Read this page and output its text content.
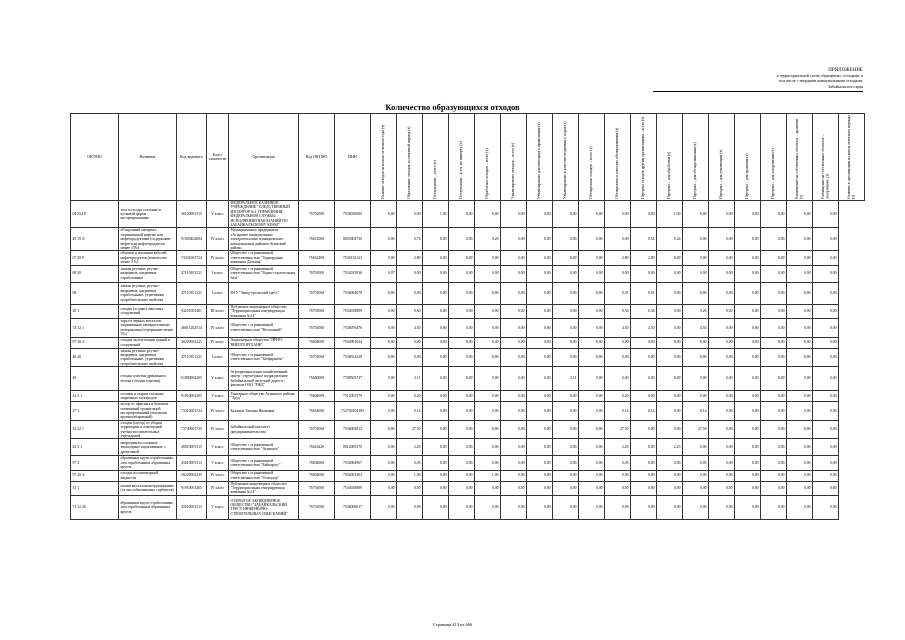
ПРИЛОЖЕНИЕ
к территориальной схеме обращения с отходами, в
том числе с твердыми коммунальными отходами,
Забайкальского края
Количество образующихся отходов
ОКТМО	Название	Код видового	Класс опасности	Организация	Код ОКТМО	ИНН	Наличие отходов на начало отчетного года (т)	Образование отходов за отчетный период (т)	Поступление – всего (т)	Поступление – в т.ч. по импорту (т)	Обработано отходов – всего (т)	Утилизировано отходов – всего (т)	Утилизировано для повторного применения (т)	Утилизировано в качестве вторичного сырья (т)	Обезврежено отходов – всего (т)	Обезврежено в качестве обезвреживания (т)	Передача отходов другим организациям – всего (т)	Передача – для обработки (т)	Передача – для обезвреживания (т)	Передача – для утилизации (т)	Передача – для хранения (т)	Передача – для захоронения (т)	Размещение на собственных объектах – хранение (т)	Размещение на собственных объектах – захоронение (т)	Наличие в организации на конец отчетного периода (т)

04 254 8	лом и отходы стальные в кусковой форме несортированные	46120001515	V класс	ФЕДЕРАЛЬНОЕ КАЗЕННОЕ УЧРЕЖДЕНИЕ "СЛЕДСТВЕННЫЙ ИЗОЛЯТОР №1 УПРАВЛЕНИЯ ФЕДЕРАЛЬНОЙ СЛУЖБЫ ИСПОЛНЕНИЯ НАКАЗАНИЙ ПО ЗАБАЙКАЛЬСКОМУ КРАЮ"	76701000	7536030080	0,00	0,00	1,00	0,00	0,00	0,00	0,00	0,00	0,00	0,00	0,00	1,00	0,00	0,00	0,00	0,00	0,00	0,00	
49 19 Л	обтирочный материал, загрязнённый нефтью или нефтепродуктами (содержание нефти или нефтепродуктов менее 15%)	91920402604	IV класс	Муниципальное предприятие «Агинские коммунальные электротепловые муниципально-коммунальных районов Агинский район»	76612000	8003004730	0,00	0,74	0,00	0,00	0,20	0,00	0,00	0,00	0,00	0,00	0,54	0,24	0,00	0,00	0,00	0,00	0,00	0,00	
07 29 8	обмотки и изоляция кабелей нефтепродуктов (количество менее 5 %)	73331001724	IV класс	Общество с ограниченной ответственностью "Горнорудная компания Дальняя"	76632400	7536132123	0,00	2,80	0,00	0,00	0,00	0,00	0,00	0,00	0,00	2,80	2,80	0,00	0,00	0,00	0,00	0,00	0,00	0,00	
08 20	лампы ртутные, ртутно-кварцевые, натриевые отработанные	47110101521	I класс	Общество с ограниченной ответственностью "Горно-строительная база"	76701000	7534015936	0,07	0,00	0,00	0,00	0,00	0,00	0,00	0,00	0,00	0,00	0,00	0,00	0,00	0,00	0,00	0,00	0,00	0,00	
08	лампы ртутные, ртутно-кварцевые, натриевые отработанные, утратившие потребительские свойства	47110101521	I класс	ФГУ "Завод-уральский трест"	76701000	7536004078	0,00	0,00	0,00	0,00	0,00	0,00	0,00	0,00	0,00	0,01	0,01	0,00	0,00	0,00	0,00	0,00	0,00	0,00	
20 1	отходы (осадки) очистных сооружений	94251001401	III класс	Публичное акционерное общество "Территориальная генерирующая компания №14"	76701000	7534018889	0,00	0,60	0,00	0,00	0,00	0,00	0,00	0,00	0,00	0,34	0,34	0,00	0,26	0,00	0,00	0,00	0,00	0,00	
74 12 1	тара из черных металлов, загрязненная лакокрасочными материалами (содержание менее 5%)	46811202514	IV класс	Общество с ограниченной ответственностью "Восточный"	76701000	7536076476	0,00	4,50	0,00	0,00	0,00	0,00	0,00	0,00	0,00	4,50	4,50	0,00	4,50	0,00	0,00	0,00	0,00	0,00	
97 20 4	отходы эксплуатации зданий и сооружений	30229002225	IV класс	Акционерное общество "ПРИО-ВНЕШТОРГБАНК"	76604000	7504001044	0,00	0,40	0,00	0,00	0,40	0,00	0,00	0,00	0,00	0,00	0,00	0,00	0,00	0,00	0,00	0,00	0,00	0,00	
46 20	лампы ртутные, ртутно-кварцевые, натриевые отработанные, утратившие потребительские свойства	47110101521	I класс	Общество с ограниченной ответственностью "Забфармаби"	76701000	7538014228	0,00	0,00	0,00	0,00	0,00	0,00	0,00	0,00	0,00	0,00	0,00	0,00	0,00	0,00	0,00	0,00	0,00	0,00	
49	отходы очистки дренажного потока (отходы очистки)	61890002205	V класс	Агропромышленно-хозяйственный центр - структурное подразделение Забайкальской железной дороги - филиала ОАО "РЖД"	76650000	7708503727	0,00	3,11	0,00	0,00	0,00	0,00	0,00	3,11	0,00	0,00	0,00	0,00	0,00	0,00	0,00	0,00	0,00	0,00	
42 3 1	остатки и огарки стальных сварочных электродов	91910001205	V класс	Унитарное общество Агинского района "Труд"	76604000	7512001579	0,00	0,20	0,00	0,00	0,00	0,00	0,00	0,00	0,00	0,20	0,00	0,00	0,00	0,00	0,00	0,00	0,00	0,00	
27 1	мусор от офисных и бытовых помещений организаций несортированный (исключая крупногабаритный)	73310001724	IV класс	Баламов Татьяна Ивановна	76634000	752700104183	0,00	0,14	0,00	0,00	0,00	0,00	0,00	0,00	0,00	0,14	0,14	0,00	0,14	0,00	0,00	0,00	0,00	0,00	
52 22 1	отходы (мусор) от уборки территории и помещений учебно-воспитательных учреждений	73740001725	IV класс	Забайкальский институт предпринимательства	76701000	7536002812	0,00	27,50	0,00	0,00	0,00	0,00	0,00	0,00	0,00	27,50	0,00	0,00	27,50	0,00	0,00	0,00	0,00	0,00	
42 3 1	ингредиенты стальные эпоксидные загрязненные, с древесиной	46810001515	V класс	Общество с ограниченной ответственностью "Агинское"	76623426	8012005370	0,00	2,23	0,00	0,00	0,00	0,00	0,00	0,00	0,00	2,23	0,00	2,23	0,00	0,00	0,00	0,00	0,00	0,00	
97 2	абразивные круги отработанные, лом отработанных абразивных кругов	45610001513	V класс	Общество с ограниченной ответственностью "Байкарсус"	76604000	7530004967	0,00	0,05	0,00	0,00	0,00	0,00	0,00	0,00	0,00	0,05	0,05	0,00	0,05	0,00	0,00	0,00	0,00	0,00	
97 20 4	отходы ассенизаторной жидкости	30229002225	IV класс	Общество с ограниченной ответственностью "Гелиодор"	76604000	7504001302	0,00	1,00	0,00	0,00	1,00	0,00	0,00	0,00	0,00	0,00	0,00	0,00	0,00	0,00	0,00	0,00	0,00	0,00	
31 1	шлаки металлоконструкционные (от маслобензиновых сорбентов)	91910001205	IV класс	Публичное акционерное общество "Территориальная генерирующая компания №14"	76701000	7534018889	0,00	0,00	0,00	0,00	0,00	0,00	0,00	0,00	0,00	0,00	0,00	0,00	0,00	0,00	0,00	0,00	0,00	0,00	
71 12 45	абразивные круги отработанные, лом отработанных абразивных кругов	45610001513	V класс	ОТКРЫТОЕ АКЦИОНЕРНОЕ ОБЩЕСТВО "ЗАБАЙКАЛЬСКИЙ ТРЕСТ ИНЖЕНЕРНО-СТРОИТЕЛЬНЫХ ИЗЫСКАНИЙ"	76701000	7536009617	0,00	0,09	0,00	0,00	0,00	0,00	0,00	0,00	0,00	0,09	0,09	0,00	0,00	0,00	0,09	0,00	0,00	0,00	
Страница 413 из 666
